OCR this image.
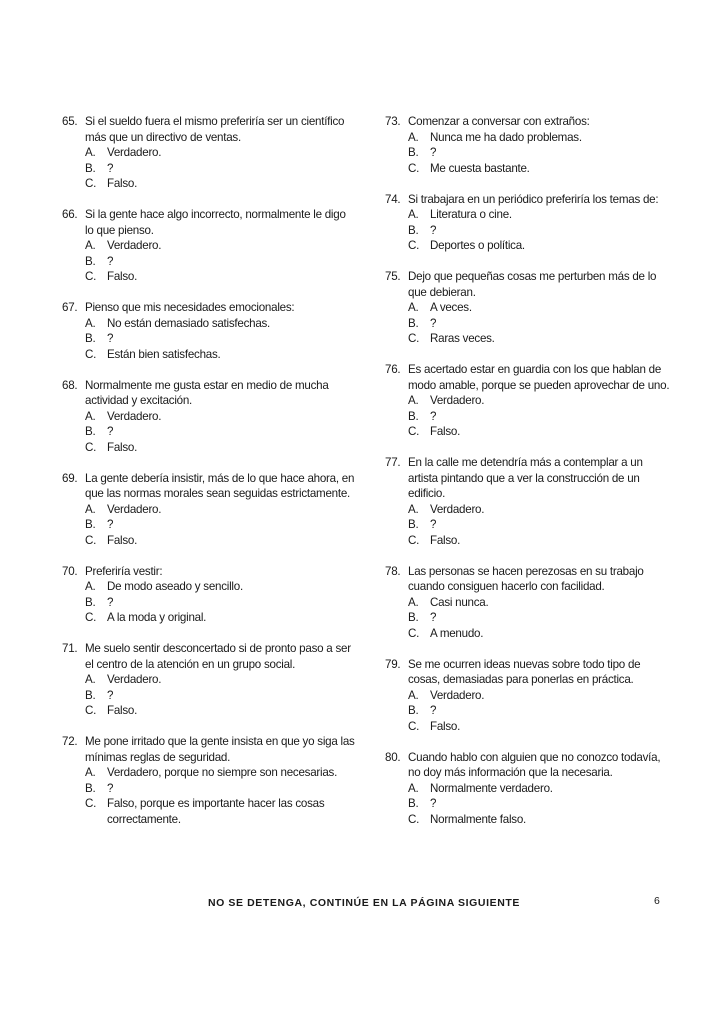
65. Si el sueldo fuera el mismo preferiría ser un científico más que un directivo de ventas.
A. Verdadero.
B. ?
C. Falso.
66. Si la gente hace algo incorrecto, normalmente le digo lo que pienso.
A. Verdadero.
B. ?
C. Falso.
67. Pienso que mis necesidades emocionales:
A. No están demasiado satisfechas.
B. ?
C. Están bien satisfechas.
68. Normalmente me gusta estar en medio de mucha actividad y excitación.
A. Verdadero.
B. ?
C. Falso.
69. La gente debería insistir, más de lo que hace ahora, en que las normas morales sean seguidas estrictamente.
A. Verdadero.
B. ?
C. Falso.
70. Preferiría vestir:
A. De modo aseado y sencillo.
B. ?
C. A la moda y original.
71. Me suelo sentir desconcertado si de pronto paso a ser el centro de la atención en un grupo social.
A. Verdadero.
B. ?
C. Falso.
72. Me pone irritado que la gente insista en que yo siga las mínimas reglas de seguridad.
A. Verdadero, porque no siempre son necesarias.
B. ?
C. Falso, porque es importante hacer las cosas correctamente.
73. Comenzar a conversar con extraños:
A. Nunca me ha dado problemas.
B. ?
C. Me cuesta bastante.
74. Si trabajara en un periódico preferiría los temas de:
A. Literatura o cine.
B. ?
C. Deportes o política.
75. Dejo que pequeñas cosas me perturben más de lo que debieran.
A. A veces.
B. ?
C. Raras veces.
76. Es acertado estar en guardia con los que hablan de modo amable, porque se pueden aprovechar de uno.
A. Verdadero.
B. ?
C. Falso.
77. En la calle me detendría más a contemplar a un artista pintando que a ver la construcción de un edificio.
A. Verdadero.
B. ?
C. Falso.
78. Las personas se hacen perezosas en su trabajo cuando consiguen hacerlo con facilidad.
A. Casi nunca.
B. ?
C. A menudo.
79. Se me ocurren ideas nuevas sobre todo tipo de cosas, demasiadas para ponerlas en práctica.
A. Verdadero.
B. ?
C. Falso.
80. Cuando hablo con alguien que no conozco todavía, no doy más información que la necesaria.
A. Normalmente verdadero.
B. ?
C. Normalmente falso.
NO SE DETENGA, CONTINÚE EN LA PÁGINA SIGUIENTE	6
